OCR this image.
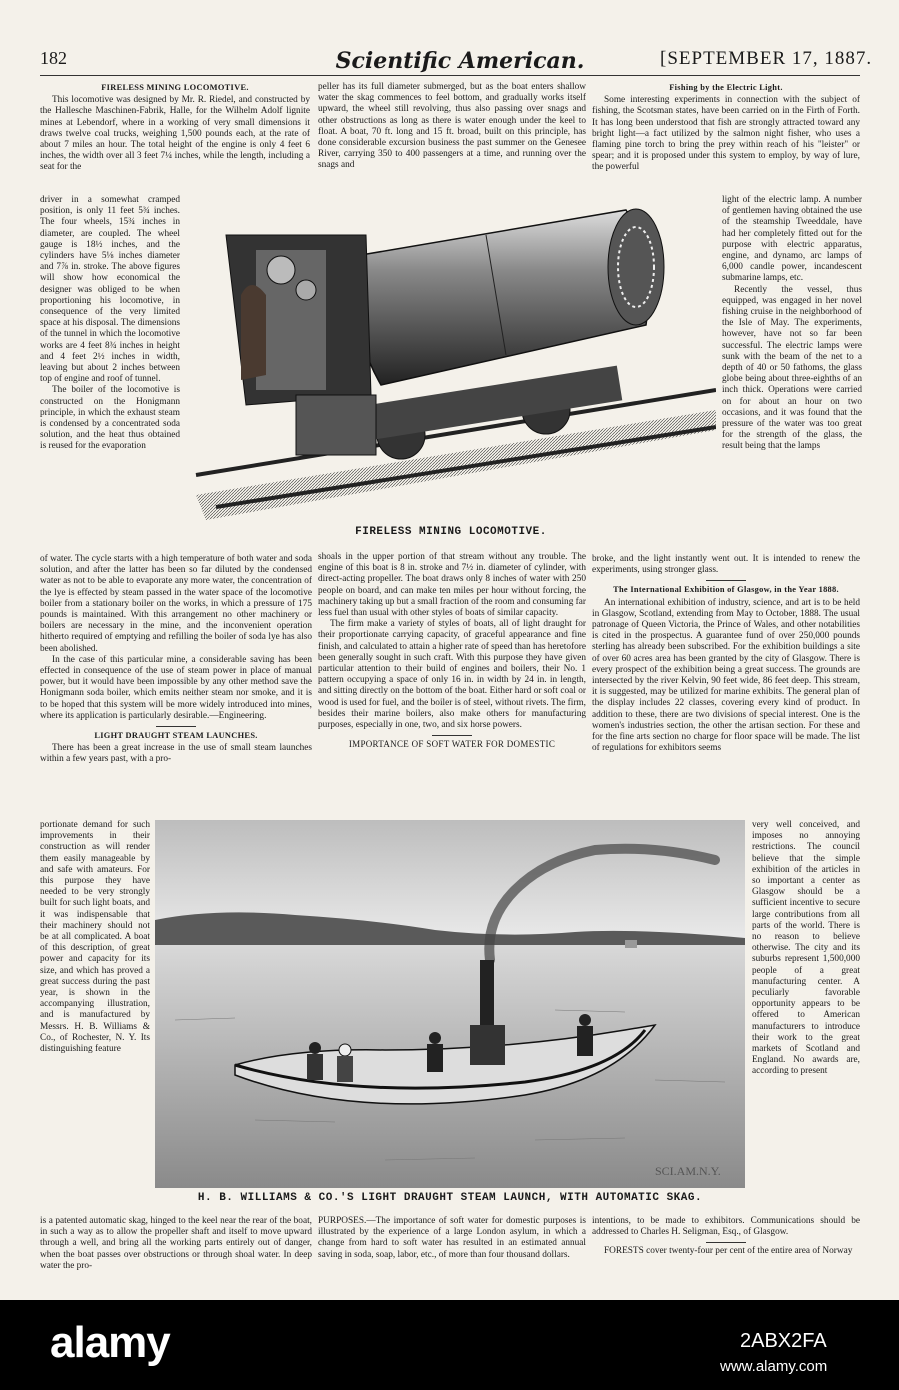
182	Scientific American.	[SEPTEMBER 17, 1887.
FIRELESS MINING LOCOMOTIVE.

This locomotive was designed by Mr. R. Riedel, and constructed by the Hallesche Maschinen-Fabrik, Halle, for the Wilhelm Adolf lignite mines at Lebendorf, where in a working of very small dimensions it draws twelve coal trucks, weighing 1,500 pounds each, at the rate of about 7 miles an hour. The total height of the engine is only 4 feet 6 inches, the width over all 3 feet 7¼ inches, while the length, including a seat for the

driver in a somewhat cramped position, is only 11 feet 5¾ inches. The four wheels, 15¾ inches in diameter, are coupled. The wheel gauge is 18½ inches, and the cylinders have 5⅛ inches diameter and 7⅞ in. stroke. The above figures will show how economical the designer was obliged to be when proportioning his locomotive, in consequence of the very limited space at his disposal. The dimensions of the tunnel in which the locomotive works are 4 feet 8¾ inches in height and 4 feet 2½ inches in width, leaving but about 2 inches between top of engine and roof of tunnel.

The boiler of the locomotive is constructed on the Honigmann principle, in which the exhaust steam is condensed by a concentrated soda solution, and the heat thus obtained is reused for the evaporation

of water. The cycle starts with a high temperature of both water and soda solution, and after the latter has been so far diluted by the condensed water as not to be able to evaporate any more water, the concentration of the lye is effected by steam passed in the water space of the locomotive boiler from a stationary boiler on the works, in which a pressure of 175 pounds is maintained. With this arrangement no other machinery or boilers are necessary in the mine, and the inconvenient operation hitherto required of emptying and refilling the boiler of soda lye has also been abolished.

In the case of this particular mine, a considerable saving has been effected in consequence of the use of steam power in place of manual power, but it would have been impossible by any other method save the Honigmann soda boiler, which emits neither steam nor smoke, and it is to be hoped that this system will be more widely introduced into mines, where its application is particularly desirable.—Engineering.

LIGHT DRAUGHT STEAM LAUNCHES.

There has been a great increase in the use of small steam launches within a few years past, with a pro-

portionate demand for such improvements in their construction as will render them easily manageable by and safe with amateurs. For this purpose they have needed to be very strongly built for such light boats, and it was indispensable that their machinery should not be at all complicated. A boat of this description, of great power and capacity for its size, and which has proved a great success during the past year, is shown in the accompanying illustration, and is manufactured by Messrs. H. B. Williams & Co., of Rochester, N. Y. Its distinguishing feature

is a patented automatic skag, hinged to the keel near the rear of the boat, in such a way as to allow the propeller shaft and itself to move upward through a well, and bring all the working parts entirely out of danger, when the boat passes over obstructions or through shoal water. In deep water the pro-

peller has its full diameter submerged, but as the boat enters shallow water the skag commences to feel bottom, and gradually works itself upward, the wheel still revolving, thus also passing over snags and other obstructions as long as there is water enough under the keel to float. A boat, 70 ft. long and 15 ft. broad, built on this principle, has done considerable excursion business the past summer on the Genesee River, carrying 350 to 400 passengers at a time, and running over the snags and

shoals in the upper portion of that stream without any trouble. The engine of this boat is 8 in. stroke and 7½ in. diameter of cylinder, with direct-acting propeller. The boat draws only 8 inches of water with 250 people on board, and can make ten miles per hour without forcing, the machinery taking up but a small fraction of the room and consuming far less fuel than usual with other styles of boats of similar capacity.

The firm make a variety of styles of boats, all of light draught for their proportionate carrying capacity, of graceful appearance and fine finish, and calculated to attain a higher rate of speed than has heretofore been generally sought in such craft. With this purpose they have given particular attention to their build of engines and boilers, their No. 1 pattern occupying a space of only 16 in. in width by 24 in. in length, and sitting directly on the bottom of the boat. Either hard or soft coal or wood is used for fuel, and the boiler is of steel, without rivets. The firm, besides their marine boilers, also make others for manufacturing purposes, especially in one, two, and six horse powers.

IMPORTANCE OF SOFT WATER FOR DOMESTIC

PURPOSES.—The importance of soft water for domestic purposes is illustrated by the experience of a large London asylum, in which a change from hard to soft water has resulted in an estimated annual saving in soda, soap, labor, etc., of more than four thousand dollars.

Fishing by the Electric Light.

Some interesting experiments in connection with the subject of fishing, the Scotsman states, have been carried on in the Firth of Forth. It has long been understood that fish are strongly attracted toward any bright light—a fact utilized by the salmon night fisher, who uses a flaming pine torch to bring the prey within reach of his "leister" or spear; and it is proposed under this system to employ, by way of lure, the powerful

light of the electric lamp. A number of gentlemen having obtained the use of the steamship Tweeddale, have had her completely fitted out for the purpose with electric apparatus, engine, and dynamo, arc lamps of 6,000 candle power, incandescent submarine lamps, etc.

Recently the vessel, thus equipped, was engaged in her novel fishing cruise in the neighborhood of the Isle of May. The experiments, however, have not so far been successful. The electric lamps were sunk with the beam of the net to a depth of 40 or 50 fathoms, the glass globe being about three-eighths of an inch thick. Operations were carried on for about an hour on two occasions, and it was found that the pressure of the water was too great for the strength of the glass, the result being that the lamps

broke, and the light instantly went out. It is intended to renew the experiments, using stronger glass.

The International Exhibition of Glasgow, in the Year 1888.

An international exhibition of industry, science, and art is to be held in Glasgow, Scotland, extending from May to October, 1888. The usual patronage of Queen Victoria, the Prince of Wales, and other notabilities is cited in the prospectus. A guarantee fund of over 250,000 pounds sterling has already been subscribed. For the exhibition buildings a site of over 60 acres area has been granted by the city of Glasgow. There is every prospect of the exhibition being a great success. The grounds are intersected by the river Kelvin, 90 feet wide, 86 feet deep. This stream, it is suggested, may be utilized for marine exhibits. The general plan of the display includes 22 classes, covering every kind of product. In addition to these, there are two divisions of special interest. One is the women's industries section, the other the artisan section. For these and for the fine arts section no charge for floor space will be made. The list of regulations for exhibitors seems

very well conceived, and imposes no annoying restrictions. The council believe that the simple exhibition of the articles in so important a center as Glasgow should be a sufficient incentive to secure large contributions from all parts of the world. There is no reason to believe otherwise. The city and its suburbs represent 1,500,000 people of a great manufacturing center. A peculiarly favorable opportunity appears to be offered to American manufacturers to introduce their work to the great markets of Scotland and England. No awards are, according to present

intentions, to be made to exhibitors. Communications should be addressed to Charles H. Seligman, Esq., of Glasgow.

FORESTS cover twenty-four per cent of the entire area of Norway

FIRELESS MINING LOCOMOTIVE.
SCI.AM.N.Y.
H. B. WILLIAMS & CO.'S LIGHT DRAUGHT STEAM LAUNCH, WITH AUTOMATIC SKAG.
alamy	2ABX2FA
www.alamy.com
